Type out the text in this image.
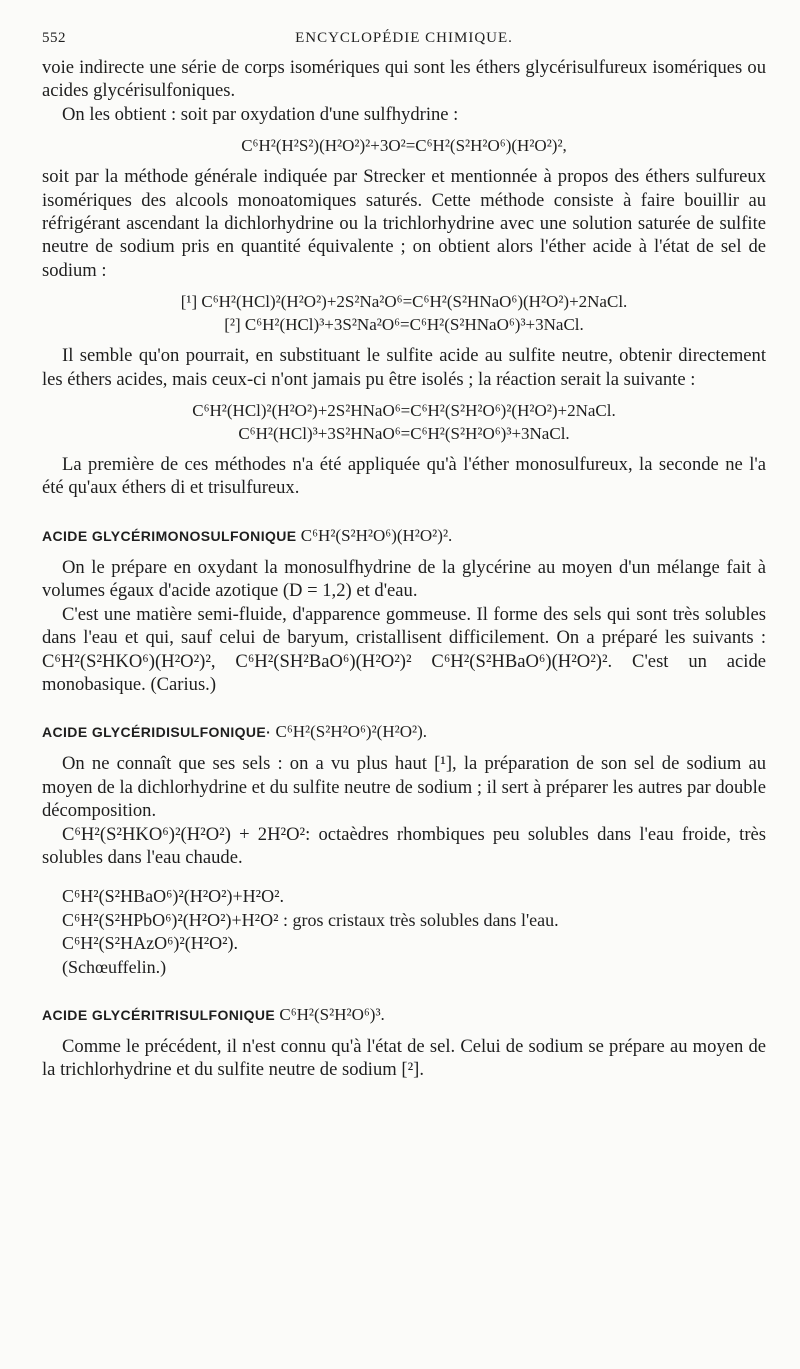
552	ENCYCLOPÉDIE CHIMIQUE.

voie indirecte une série de corps isomériques qui sont les éthers glycérisulfureux isomériques ou acides glycérisulfoniques.

On les obtient : soit par oxydation d'une sulfhydrine :

C⁶H²(H²S²)(H²O²)²+3O²=C⁶H²(S²H²O⁶)(H²O²)²,

soit par la méthode générale indiquée par Strecker et mentionnée à propos des éthers sulfureux isomériques des alcools monoatomiques saturés. Cette méthode consiste à faire bouillir au réfrigérant ascendant la dichlorhydrine ou la trichlorhydrine avec une solution saturée de sulfite neutre de sodium pris en quantité équivalente ; on obtient alors l'éther acide à l'état de sel de sodium :

[¹] C⁶H²(HCl)²(H²O²)+2S²Na²O⁶=C⁶H²(S²HNaO⁶)(H²O²)+2NaCl.
[²] C⁶H²(HCl)³+3S²Na²O⁶=C⁶H²(S²HNaO⁶)³+3NaCl.

Il semble qu'on pourrait, en substituant le sulfite acide au sulfite neutre, obtenir directement les éthers acides, mais ceux-ci n'ont jamais pu être isolés ; la réaction serait la suivante :

C⁶H²(HCl)²(H²O²)+2S²HNaO⁶=C⁶H²(S²H²O⁶)²(H²O²)+2NaCl.
C⁶H²(HCl)³+3S²HNaO⁶=C⁶H²(S²H²O⁶)³+3NaCl.

La première de ces méthodes n'a été appliquée qu'à l'éther monosulfureux, la seconde ne l'a été qu'aux éthers di et trisulfureux.

ACIDE GLYCÉRIMONOSULFONIQUE C⁶H²(S²H²O⁶)(H²O²)².

On le prépare en oxydant la monosulfhydrine de la glycérine au moyen d'un mélange fait à volumes égaux d'acide azotique (D = 1,2) et d'eau.

C'est une matière semi-fluide, d'apparence gommeuse. Il forme des sels qui sont très solubles dans l'eau et qui, sauf celui de baryum, cristallisent difficilement. On a préparé les suivants : C⁶H²(S²HKO⁶)(H²O²)², C⁶H²(SH²BaO⁶)(H²O²)² C⁶H²(S²HBaO⁶)(H²O²)². C'est un acide monobasique. (Carius.)

ACIDE GLYCÉRIDISULFONIQUE· C⁶H²(S²H²O⁶)²(H²O²).

On ne connaît que ses sels : on a vu plus haut [¹], la préparation de son sel de sodium au moyen de la dichlorhydrine et du sulfite neutre de sodium ; il sert à préparer les autres par double décomposition.

C⁶H²(S²HKO⁶)²(H²O²) + 2H²O²: octaèdres rhombiques peu solubles dans l'eau froide, très solubles dans l'eau chaude.

C⁶H²(S²HBaO⁶)²(H²O²)+H²O².
C⁶H²(S²HPbO⁶)²(H²O²)+H²O² : gros cristaux très solubles dans l'eau.
C⁶H²(S²HAzO⁶)²(H²O²).
(Schœuffelin.)
ACIDE GLYCÉRITRISULFONIQUE C⁶H²(S²H²O⁶)³.

Comme le précédent, il n'est connu qu'à l'état de sel. Celui de sodium se prépare au moyen de la trichlorhydrine et du sulfite neutre de sodium [²].
